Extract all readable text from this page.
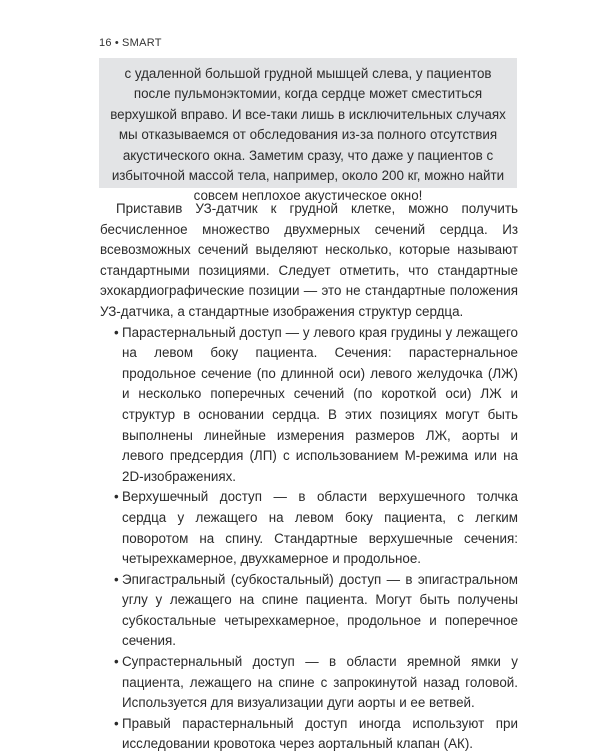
16 • SMART

с удаленной большой грудной мышцей слева, у пациентов после пульмонэктомии, когда сердце может сместиться верхушкой вправо. И все-таки лишь в исключительных случаях мы отказываемся от обследования из-за полного отсутствия акустического окна. Заметим сразу, что даже у пациентов с избыточной массой тела, например, около 200 кг, можно найти совсем неплохое акустическое окно!

Приставив УЗ-датчик к грудной клетке, можно получить бесчисленное множество двухмерных сечений сердца. Из всевозможных сечений выделяют несколько, которые называют стандартными позициями. Следует отметить, что стандартные эхокардиографические позиции — это не стандартные положения УЗ-датчика, а стандартные изображения структур сердца.

• Парастернальный доступ — у левого края грудины у лежащего на левом боку пациента. Сечения: парастернальное продольное сечение (по длинной оси) левого желудочка (ЛЖ) и несколько поперечных сечений (по короткой оси) ЛЖ и структур в основании сердца. В этих позициях могут быть выполнены линейные измерения размеров ЛЖ, аорты и левого предсердия (ЛП) с использованием М-режима или на 2D-изображениях.
• Верхушечный доступ — в области верхушечного толчка сердца у лежащего на левом боку пациента, с легким поворотом на спину. Стандартные верхушечные сечения: четырехкамерное, двухкамерное и продольное.
• Эпигастральный (субкостальный) доступ — в эпигастральном углу у лежащего на спине пациента. Могут быть получены субкостальные четырехкамерное, продольное и поперечное сечения.
• Супрастернальный доступ — в области яремной ямки у пациента, лежащего на спине с запрокинутой назад головой. Используется для визуализации дуги аорты и ее ветвей.
• Правый парастернальный доступ иногда используют при исследовании кровотока через аортальный клапан (АК).
